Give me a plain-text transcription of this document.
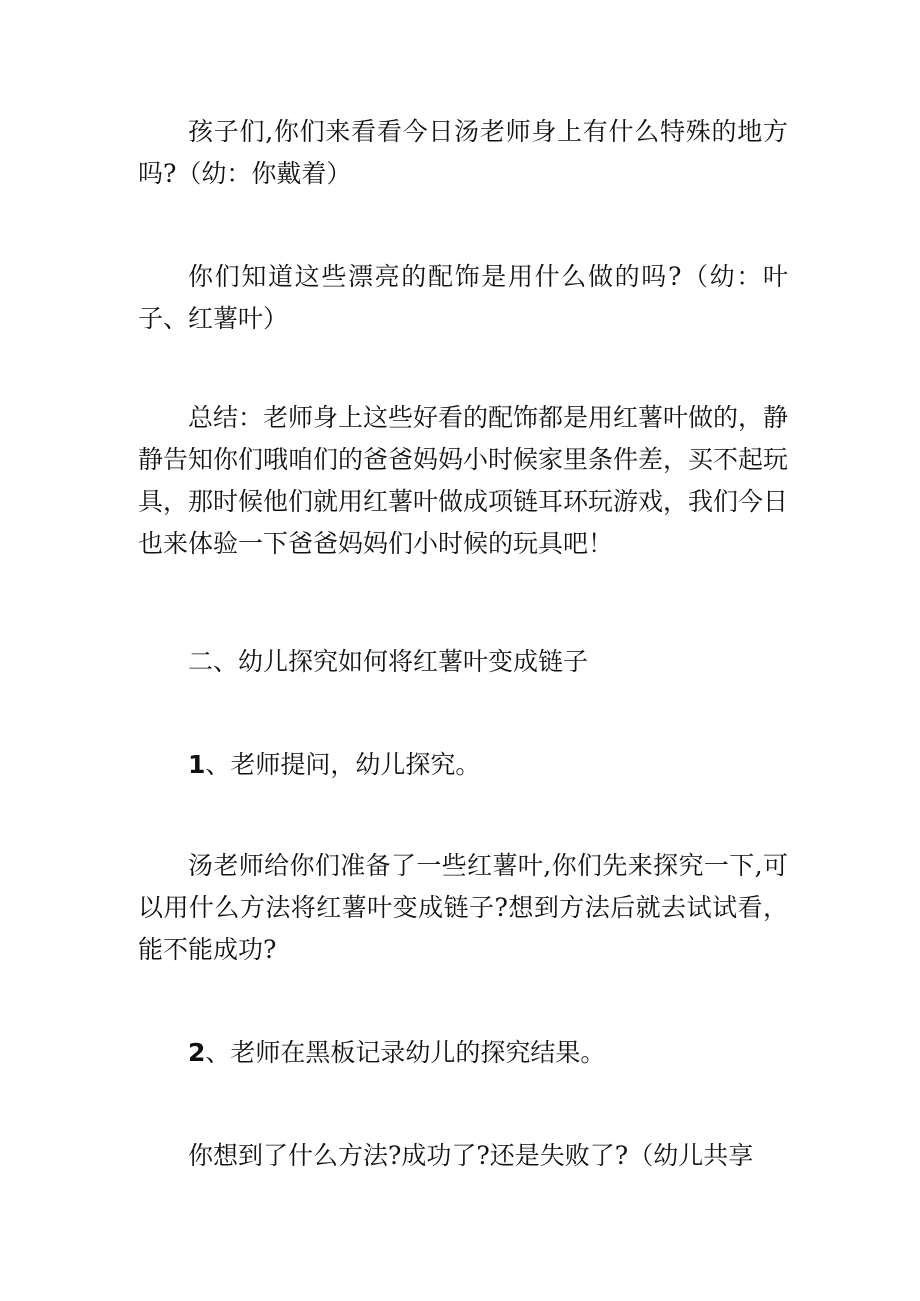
孩子们,你们来看看今日汤老师身上有什么特殊的地方吗?（幼：你戴着）

你们知道这些漂亮的配饰是用什么做的吗?（幼：叶子、红薯叶）

总结：老师身上这些好看的配饰都是用红薯叶做的，静静告知你们哦咱们的爸爸妈妈小时候家里条件差，买不起玩具，那时候他们就用红薯叶做成项链耳环玩游戏，我们今日也来体验一下爸爸妈妈们小时候的玩具吧！

二、幼儿探究如何将红薯叶变成链子

1、老师提问，幼儿探究。

汤老师给你们准备了一些红薯叶,你们先来探究一下,可以用什么方法将红薯叶变成链子?想到方法后就去试试看，能不能成功?

2、老师在黑板记录幼儿的探究结果。

你想到了什么方法?成功了?还是失败了?（幼儿共享
